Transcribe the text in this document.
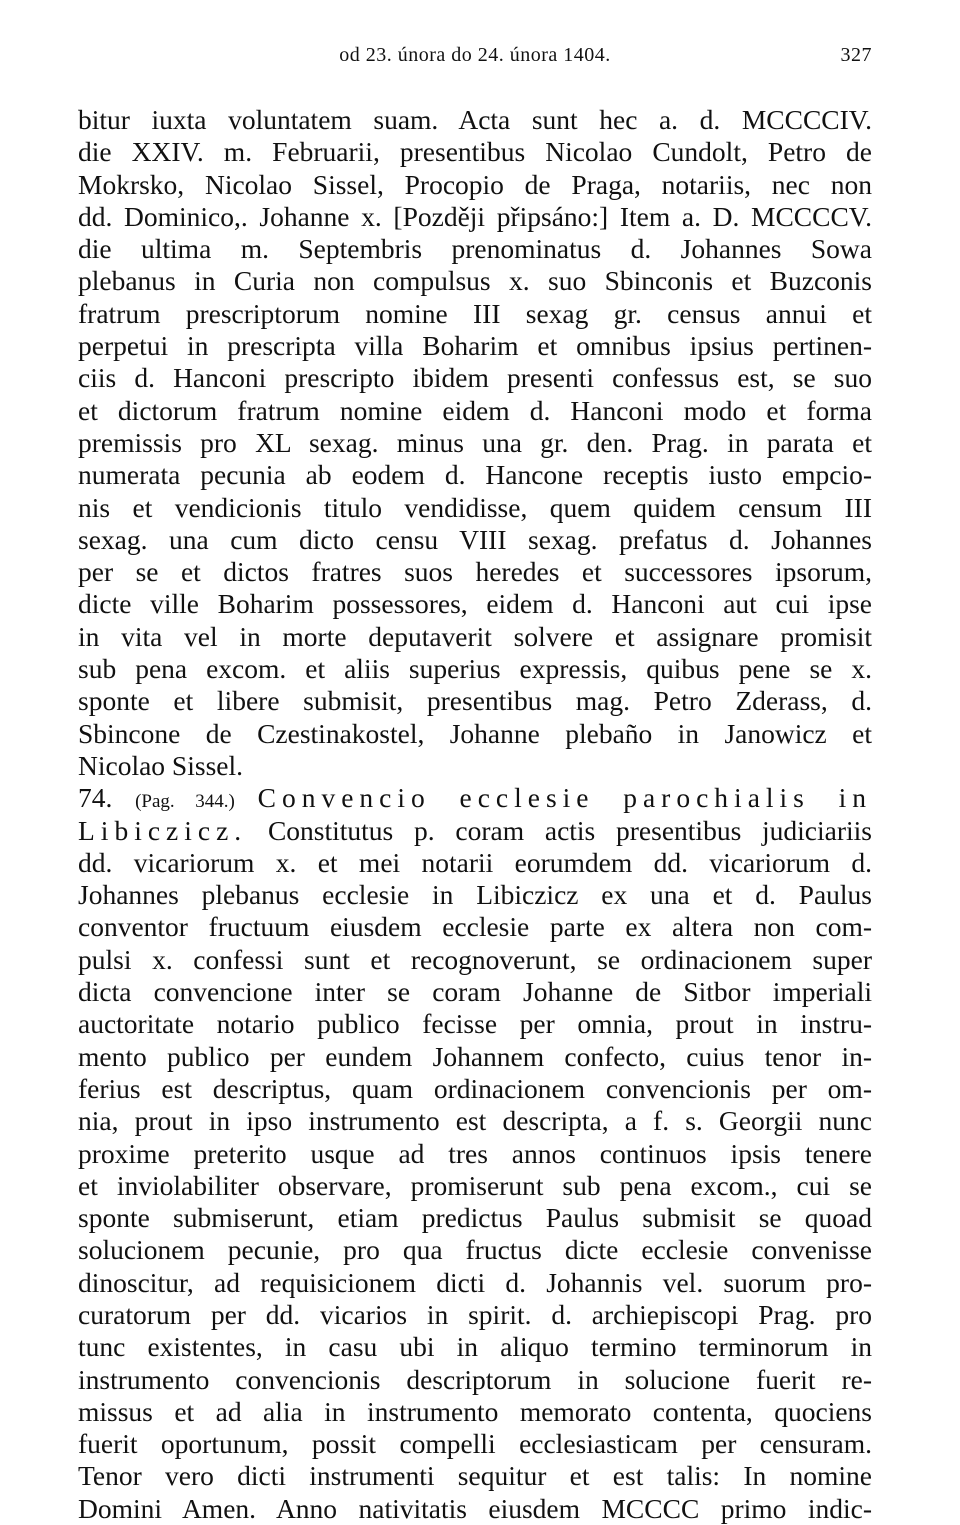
od 23. února do 24. února 1404.	327
bitur iuxta voluntatem suam. Acta sunt hec a. d. MCCCCIV.
die XXIV. m. Februarii, presentibus Nicolao Cundolt, Petro de
Mokrsko, Nicolao Sissel, Procopio de Praga, notariis, nec non
dd. Dominico,. Johanne x. [Později připsáno:] Item a. D. MCCCCV.
die ultima m. Septembris prenominatus d. Johannes Sowa
plebanus in Curia non compulsus x. suo Sbinconis et Buzconis
fratrum prescriptorum nomine III sexag gr. census annui et
perpetui in prescripta villa Boharim et omnibus ipsius pertinen-
ciis d. Hanconi prescripto ibidem presenti confessus est, se suo
et dictorum fratrum nomine eidem d. Hanconi modo et forma
premissis pro XL sexag. minus una gr. den. Prag. in parata et
numerata pecunia ab eodem d. Hancone receptis iusto empcio-
nis et vendicionis titulo vendidisse, quem quidem censum III
sexag. una cum dicto censu VIII sexag. prefatus d. Johannes
per se et dictos fratres suos heredes et successores ipsorum,
dicte ville Boharim possessores, eidem d. Hanconi aut cui ipse
in vita vel in morte deputaverit solvere et assignare promisit
sub pena excom. et aliis superius expressis, quibus pene se x.
sponte et libere submisit, presentibus mag. Petro Zderass, d.
Sbincone de Czestinakostel, Johanne plebaño in Janowicz et
Nicolao Sissel.
74. (Pag. 344.) Convencio ecclesie parochialis in
Libiczicz. Constitutus p. coram actis presentibus judiciariis
dd. vicariorum x. et mei notarii eorumdem dd. vicariorum d.
Johannes plebanus ecclesie in Libiczicz ex una et d. Paulus
conventor fructuum eiusdem ecclesie parte ex altera non com-
pulsi x. confessi sunt et recognoverunt, se ordinacionem super
dicta convencione inter se coram Johanne de Sitbor imperiali
auctoritate notario publico fecisse per omnia, prout in instru-
mento publico per eundem Johannem confecto, cuius tenor in-
ferius est descriptus, quam ordinacionem convencionis per om-
nia, prout in ipso instrumento est descripta, a f. s. Georgii nunc
proxime preterito usque ad tres annos continuos ipsis tenere
et inviolabiliter observare, promiserunt sub pena excom., cui se
sponte submiserunt, etiam predictus Paulus submisit se quoad
solucionem pecunie, pro qua fructus dicte ecclesie convenisse
dinoscitur, ad requisicionem dicti d. Johannis vel. suorum pro-
curatorum per dd. vicarios in spirit. d. archiepiscopi Prag. pro
tunc existentes, in casu ubi in aliquo termino terminorum in
instrumento convencionis descriptorum in solucione fuerit re-
missus et ad alia in instrumento memorato contenta, quociens
fuerit oportunum, possit compelli ecclesiasticam per censuram.
Tenor vero dicti instrumenti sequitur et est talis: In nomine
Domini Amen. Anno nativitatis eiusdem MCCCC primo indic-
